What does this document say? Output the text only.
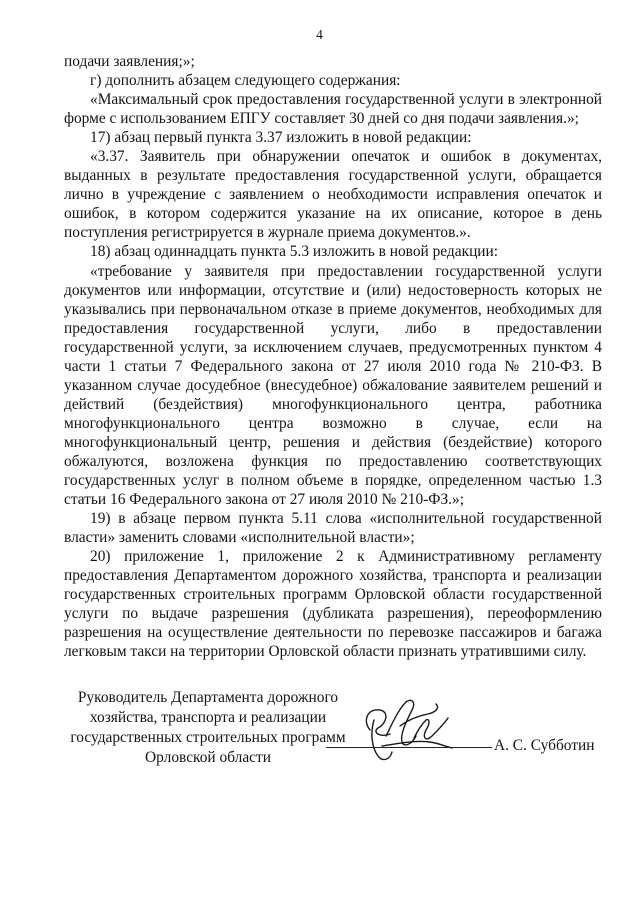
4

подачи заявления;»;

г) дополнить абзацем следующего содержания:

«Максимальный срок предоставления государственной услуги в электронной форме с использованием ЕПГУ составляет 30 дней со дня подачи заявления.»;

17) абзац первый пункта 3.37 изложить в новой редакции:

«3.37. Заявитель при обнаружении опечаток и ошибок в документах, выданных в результате предоставления государственной услуги, обращается лично в учреждение с заявлением о необходимости исправления опечаток и ошибок, в котором содержится указание на их описание, которое в день поступления регистрируется в журнале приема документов.».

18) абзац одиннадцать пункта 5.3 изложить в новой редакции:

«требование у заявителя при предоставлении государственной услуги документов или информации, отсутствие и (или) недостоверность которых не указывались при первоначальном отказе в приеме документов, необходимых для предоставления государственной услуги, либо в предоставлении государственной услуги, за исключением случаев, предусмотренных пунктом 4 части 1 статьи 7 Федерального закона от 27 июля 2010 года № 210-ФЗ. В указанном случае досудебное (внесудебное) обжалование заявителем решений и действий (бездействия) многофункционального центра, работника многофункционального центра возможно в случае, если на многофункциональный центр, решения и действия (бездействие) которого обжалуются, возложена функция по предоставлению соответствующих государственных услуг в полном объеме в порядке, определенном частью 1.3 статьи 16 Федерального закона от 27 июля 2010 № 210-ФЗ.»;

19) в абзаце первом пункта 5.11 слова «исполнительной государственной власти» заменить словами «исполнительной власти»;

20) приложение 1, приложение 2 к Административному регламенту предоставления Департаментом дорожного хозяйства, транспорта и реализации государственных строительных программ Орловской области государственной услуги по выдаче разрешения (дубликата разрешения), переоформлению разрешения на осуществление деятельности по перевозке пассажиров и багажа легковым такси на территории Орловской области признать утратившими силу.

Руководитель Департамента дорожного
хозяйства, транспорта и реализации
государственных строительных программ
Орловской области
А. С. Субботин
